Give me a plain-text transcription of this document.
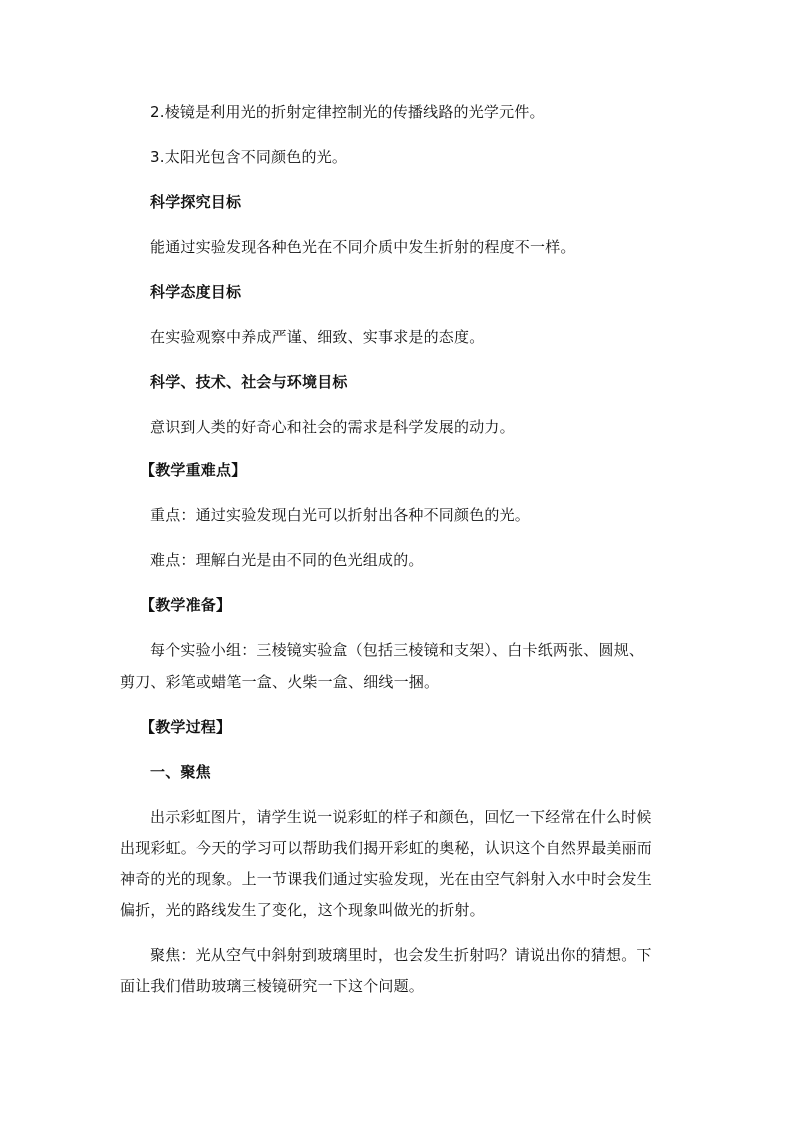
2.棱镜是利用光的折射定律控制光的传播线路的光学元件。
3.太阳光包含不同颜色的光。
科学探究目标
能通过实验发现各种色光在不同介质中发生折射的程度不一样。
科学态度目标
在实验观察中养成严谨、细致、实事求是的态度。
科学、技术、社会与环境目标
意识到人类的好奇心和社会的需求是科学发展的动力。
【教学重难点】
重点：通过实验发现白光可以折射出各种不同颜色的光。
难点：理解白光是由不同的色光组成的。
【教学准备】
每个实验小组：三棱镜实验盒（包括三棱镜和支架）、白卡纸两张、圆规、
剪刀、彩笔或蜡笔一盒、火柴一盒、细线一捆。
【教学过程】
一、聚焦
出示彩虹图片，请学生说一说彩虹的样子和颜色，回忆一下经常在什么时候
出现彩虹。今天的学习可以帮助我们揭开彩虹的奥秘，认识这个自然界最美丽而
神奇的光的现象。上一节课我们通过实验发现，光在由空气斜射入水中时会发生
偏折，光的路线发生了变化，这个现象叫做光的折射。
聚焦：光从空气中斜射到玻璃里时，也会发生折射吗？请说出你的猜想。下
面让我们借助玻璃三棱镜研究一下这个问题。
